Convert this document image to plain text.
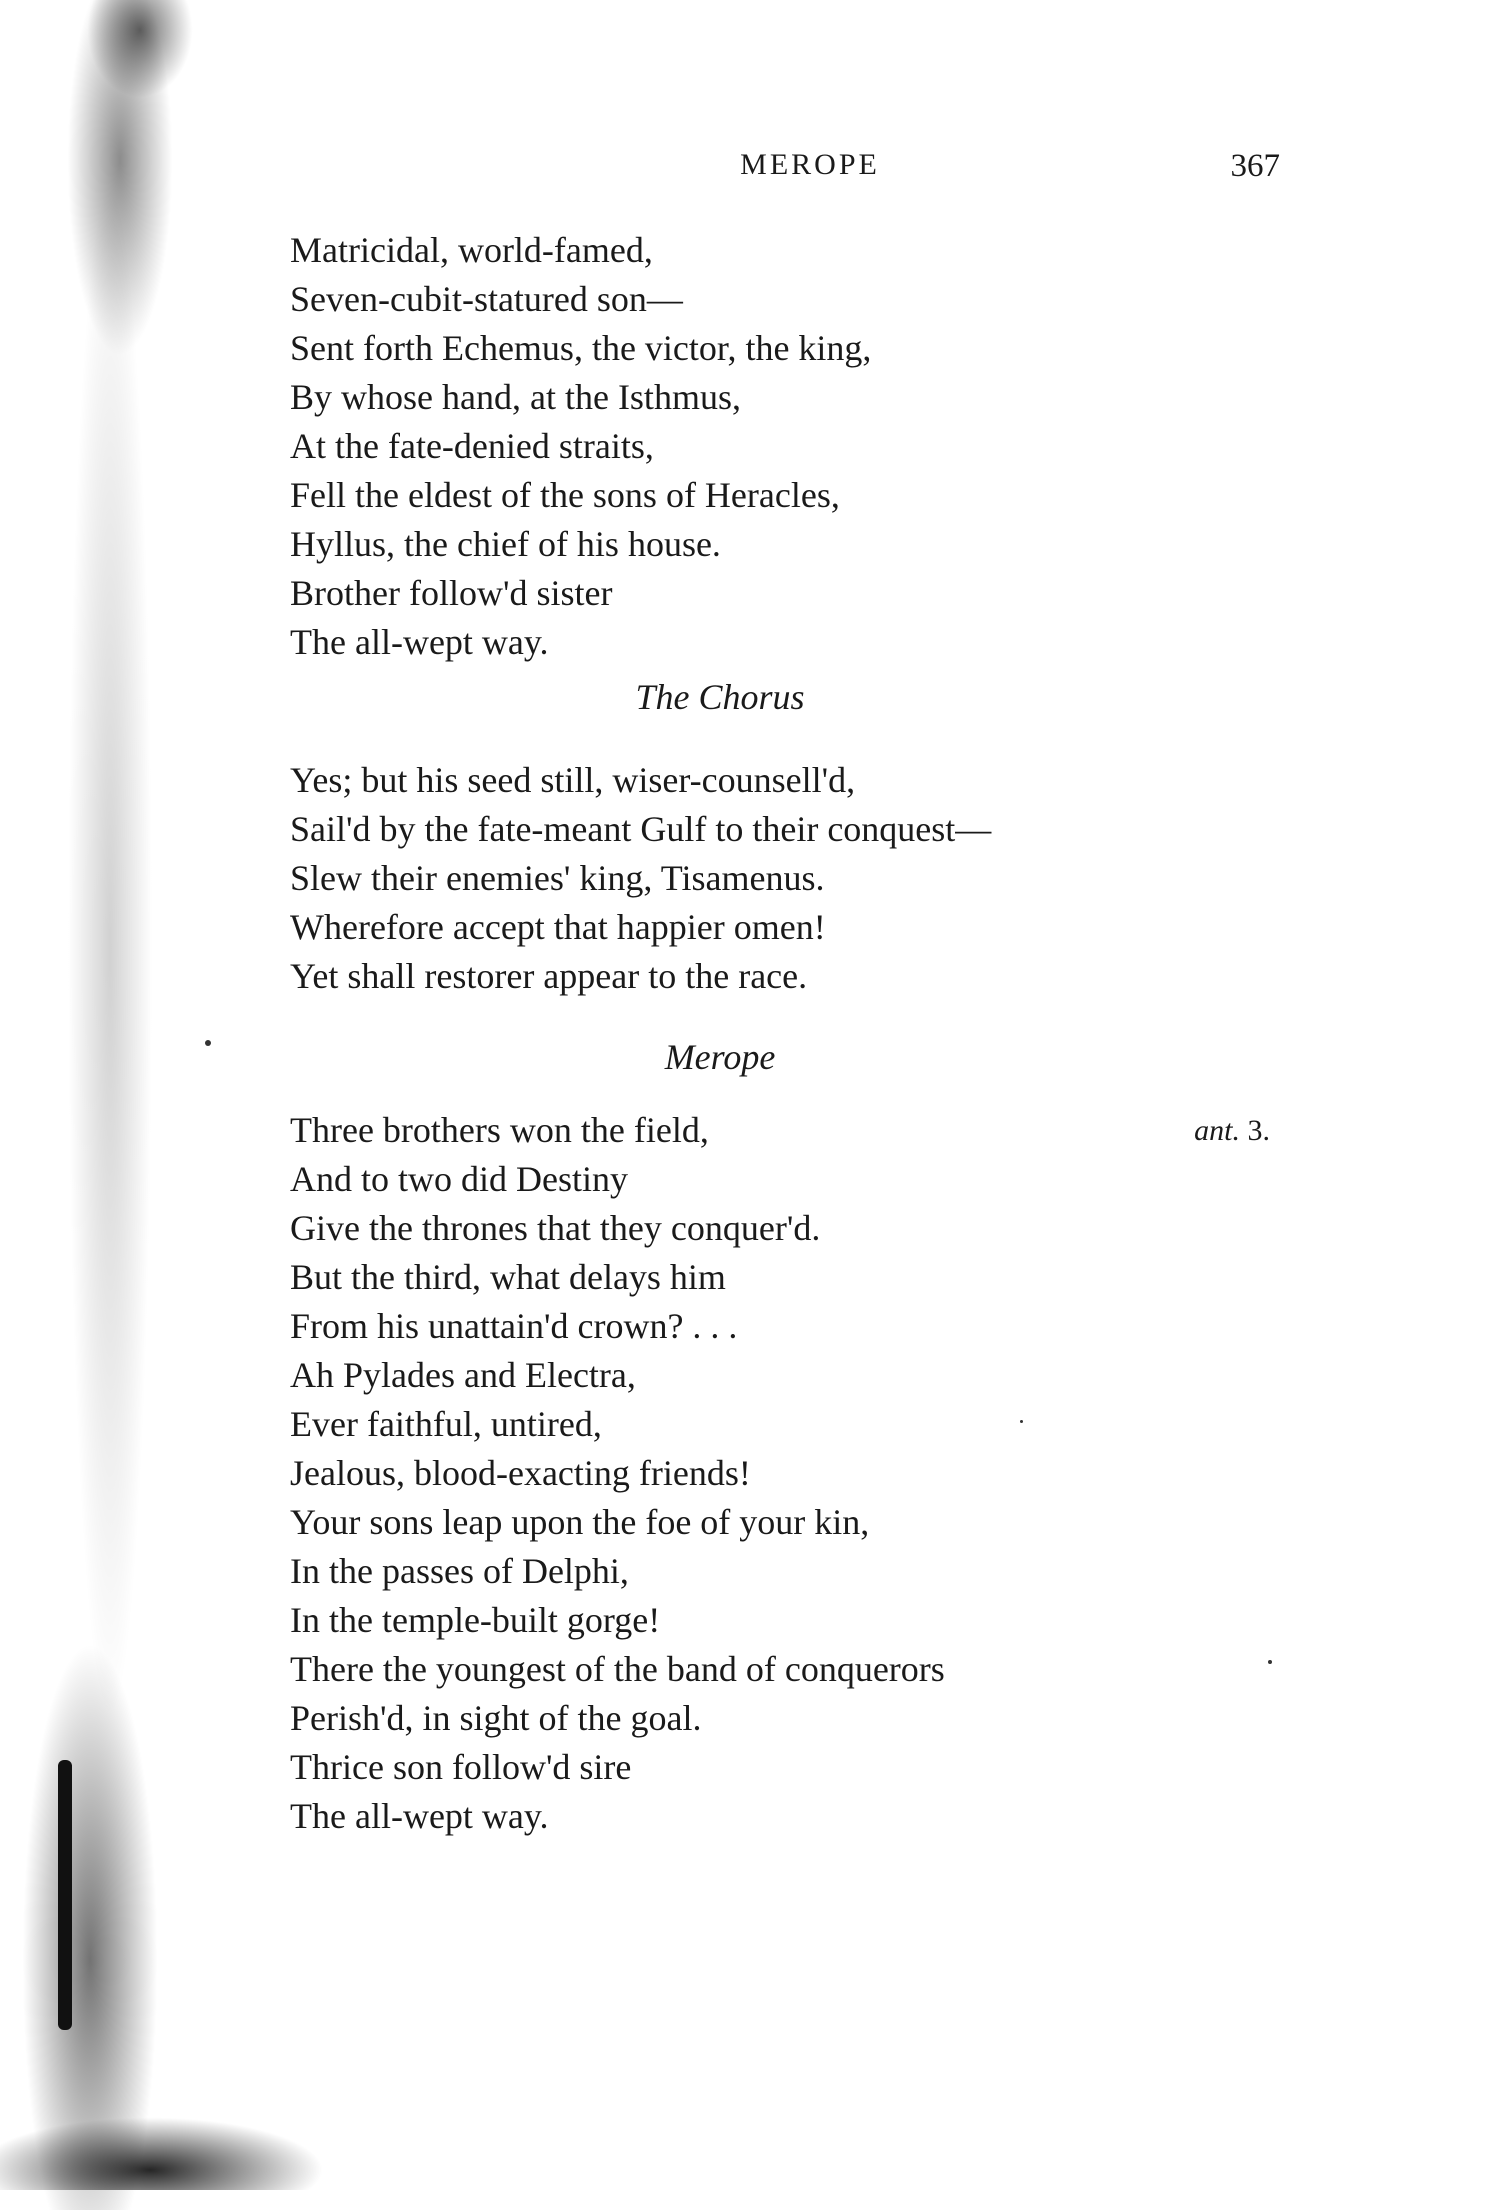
MEROPE	367
Matricidal, world-famed,
Seven-cubit-statured son—
Sent forth Echemus, the victor, the king,
By whose hand, at the Isthmus,
At the fate-denied straits,
Fell the eldest of the sons of Heracles,
Hyllus, the chief of his house.
Brother follow'd sister
The all-wept way.
The Chorus
Yes; but his seed still, wiser-counsell'd,
Sail'd by the fate-meant Gulf to their conquest—
Slew their enemies' king, Tisamenus.
Wherefore accept that happier omen!
Yet shall restorer appear to the race.
Merope
ant. 3.
Three brothers won the field,
And to two did Destiny
Give the thrones that they conquer'd.
But the third, what delays him
From his unattain'd crown? . . .
Ah Pylades and Electra,
Ever faithful, untired,
Jealous, blood-exacting friends!
Your sons leap upon the foe of your kin,
In the passes of Delphi,
In the temple-built gorge!
There the youngest of the band of conquerors
Perish'd, in sight of the goal.
Thrice son follow'd sire
The all-wept way.
